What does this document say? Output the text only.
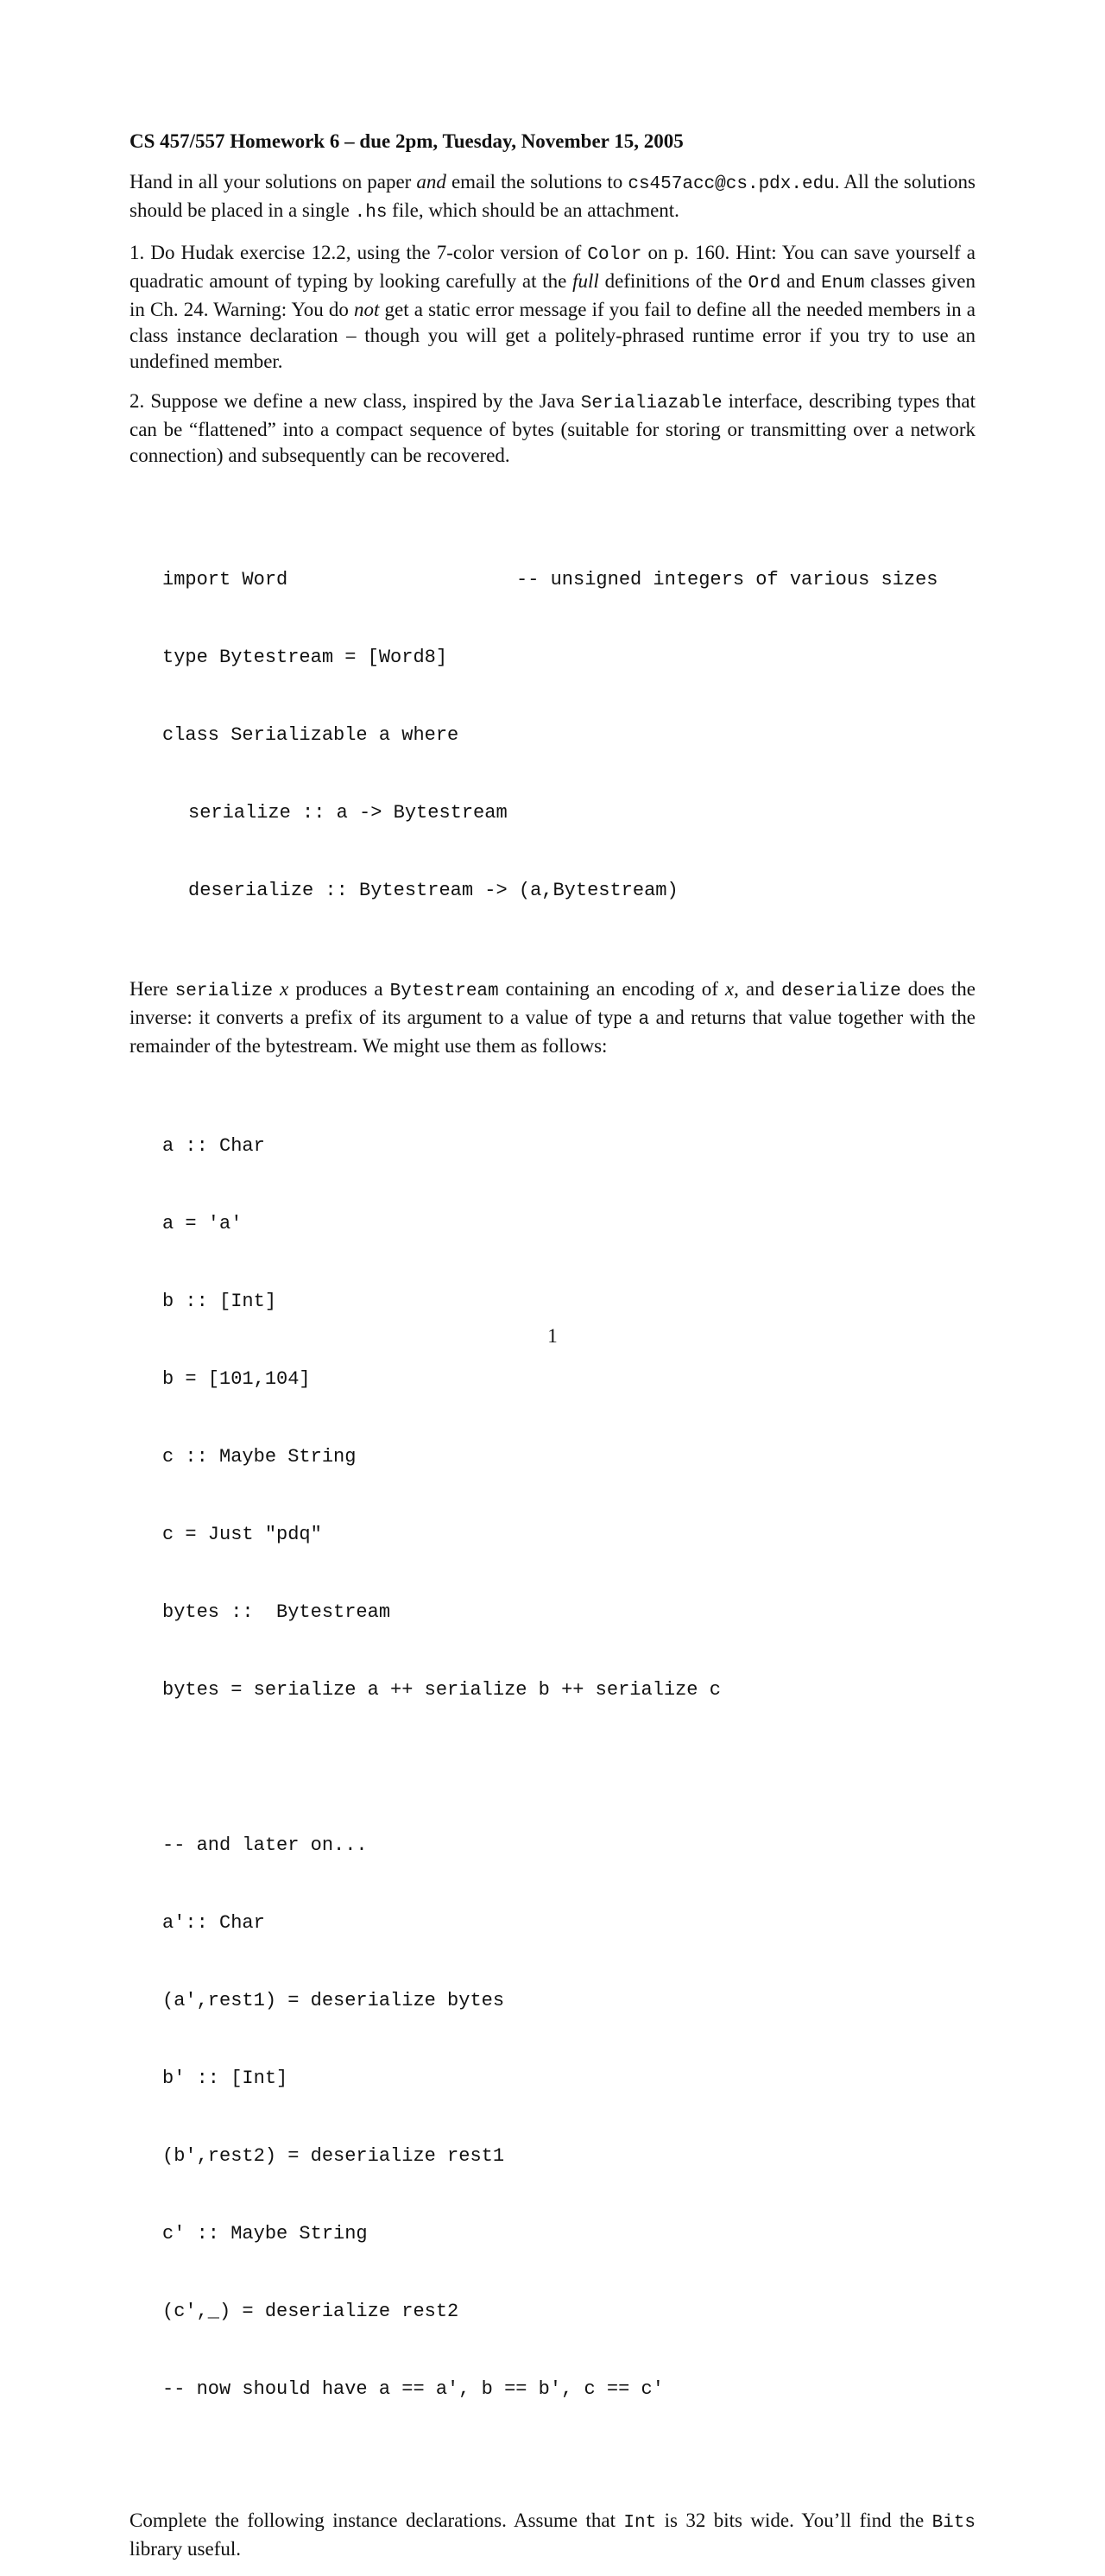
CS 457/557 Homework 6 – due 2pm, Tuesday, November 15, 2005

Hand in all your solutions on paper and email the solutions to cs457acc@cs.pdx.edu. All the solutions should be placed in a single .hs file, which should be an attachment.

1. Do Hudak exercise 12.2, using the 7-color version of Color on p. 160. Hint: You can save yourself a quadratic amount of typing by looking carefully at the full definitions of the Ord and Enum classes given in Ch. 24. Warning: You do not get a static error message if you fail to define all the needed members in a class instance declaration – though you will get a politely-phrased runtime error if you try to use an undefined member.

2. Suppose we define a new class, inspired by the Java Serialiazable interface, describing types that can be “flattened” into a compact sequence of bytes (suitable for storing or transmitting over a network connection) and subsequently can be recovered.

import Word	-- unsigned integers of various sizes

type Bytestream = [Word8]

class Serializable a where

serialize :: a -> Bytestream

deserialize :: Bytestream -> (a,Bytestream)

Here serialize x produces a Bytestream containing an encoding of x, and deserialize does the inverse: it converts a prefix of its argument to a value of type a and returns that value together with the remainder of the bytestream. We might use them as follows:

a :: Char

a = 'a'

b :: [Int]

b = [101,104]

c :: Maybe String

c = Just "pdq"

bytes ::  Bytestream

bytes = serialize a ++ serialize b ++ serialize c

-- and later on...

a':: Char

(a',rest1) = deserialize bytes

b' :: [Int]

(b',rest2) = deserialize rest1

c' :: Maybe String

(c',_) = deserialize rest2

-- now should have a == a', b == b', c == c'

Complete the following instance declarations. Assume that Int is 32 bits wide. You’ll find the Bits library useful.

1
